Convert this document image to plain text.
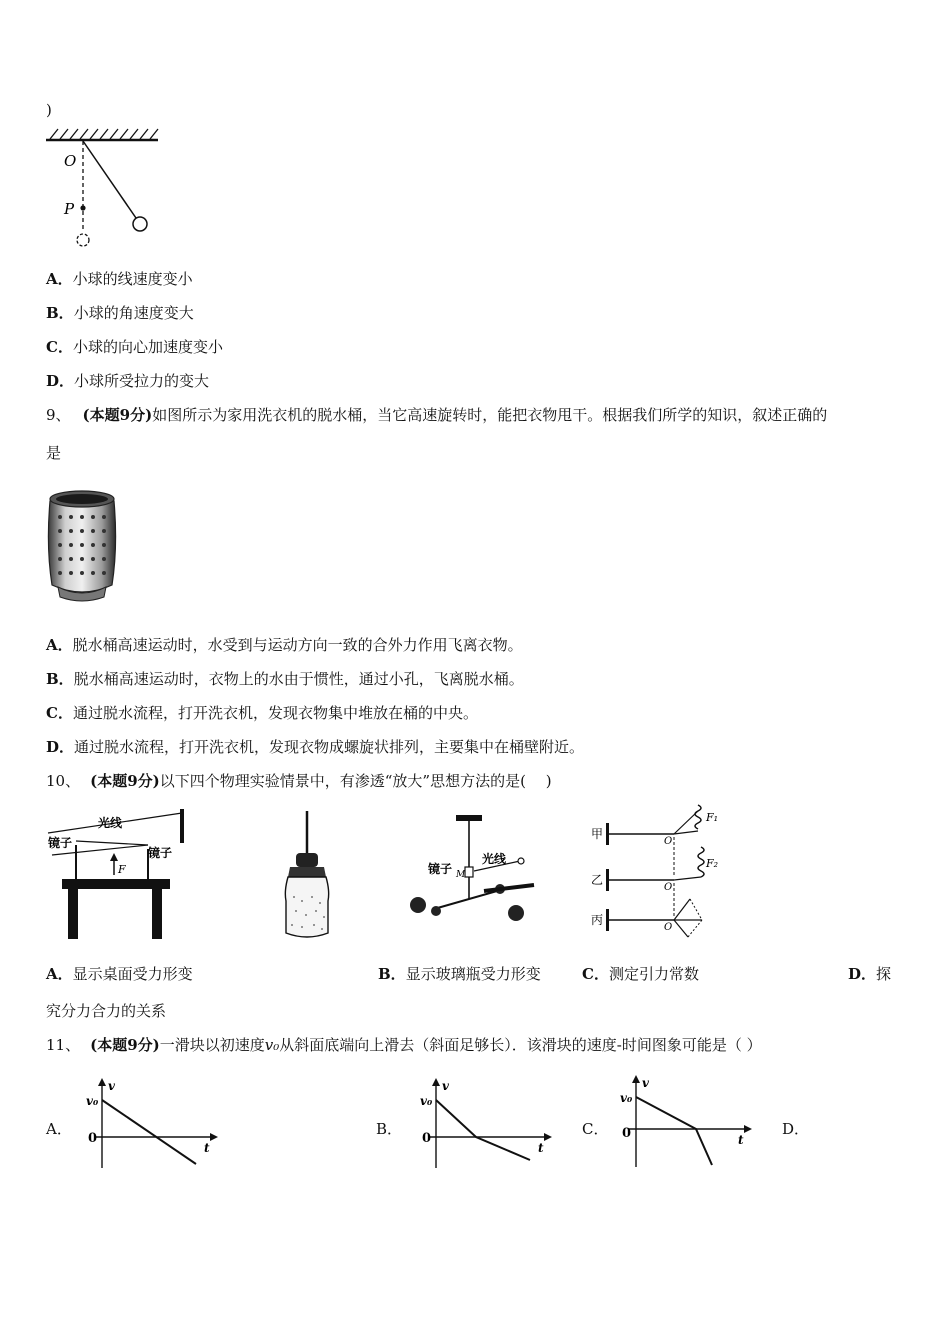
)
O
P
A．小球的线速度变小
B．小球的角速度变大
C．小球的向心加速度变小
D．小球所受拉力的变大
9、 (本题9分)如图所示为家用洗衣机的脱水桶，当它高速旋转时，能把衣物甩干。根据我们所学的知识，叙述正确的
是
A．脱水桶高速运动时，水受到与运动方向一致的合外力作用飞离衣物。
B．脱水桶高速运动时，衣物上的水由于惯性，通过小孔，飞离脱水桶。
C．通过脱水流程，打开洗衣机，发现衣物集中堆放在桶的中央。
D．通过脱水流程，打开洗衣机，发现衣物成螺旋状排列，主要集中在桶壁附近。
10、 (本题9分)以下四个物理实验情景中，有渗透“放大”思想方法的是(　 )
镜子
光线
F
镜子
镜子 M
光线
甲
乙
丙
F₁
F₂
O
O
O
A．显示桌面受力形变	B．显示玻璃瓶受力形变	C．测定引力常数	D．探
究分力合力的关系
11、 (本题9分)一滑块以初速度v₀从斜面底端向上滑去（斜面足够长）．该滑块的速度-时间图象可能是（ ）
A．
v
v₀
0
t
B．
v
v₀
0
t
C．
v
v₀
0	t
D．
